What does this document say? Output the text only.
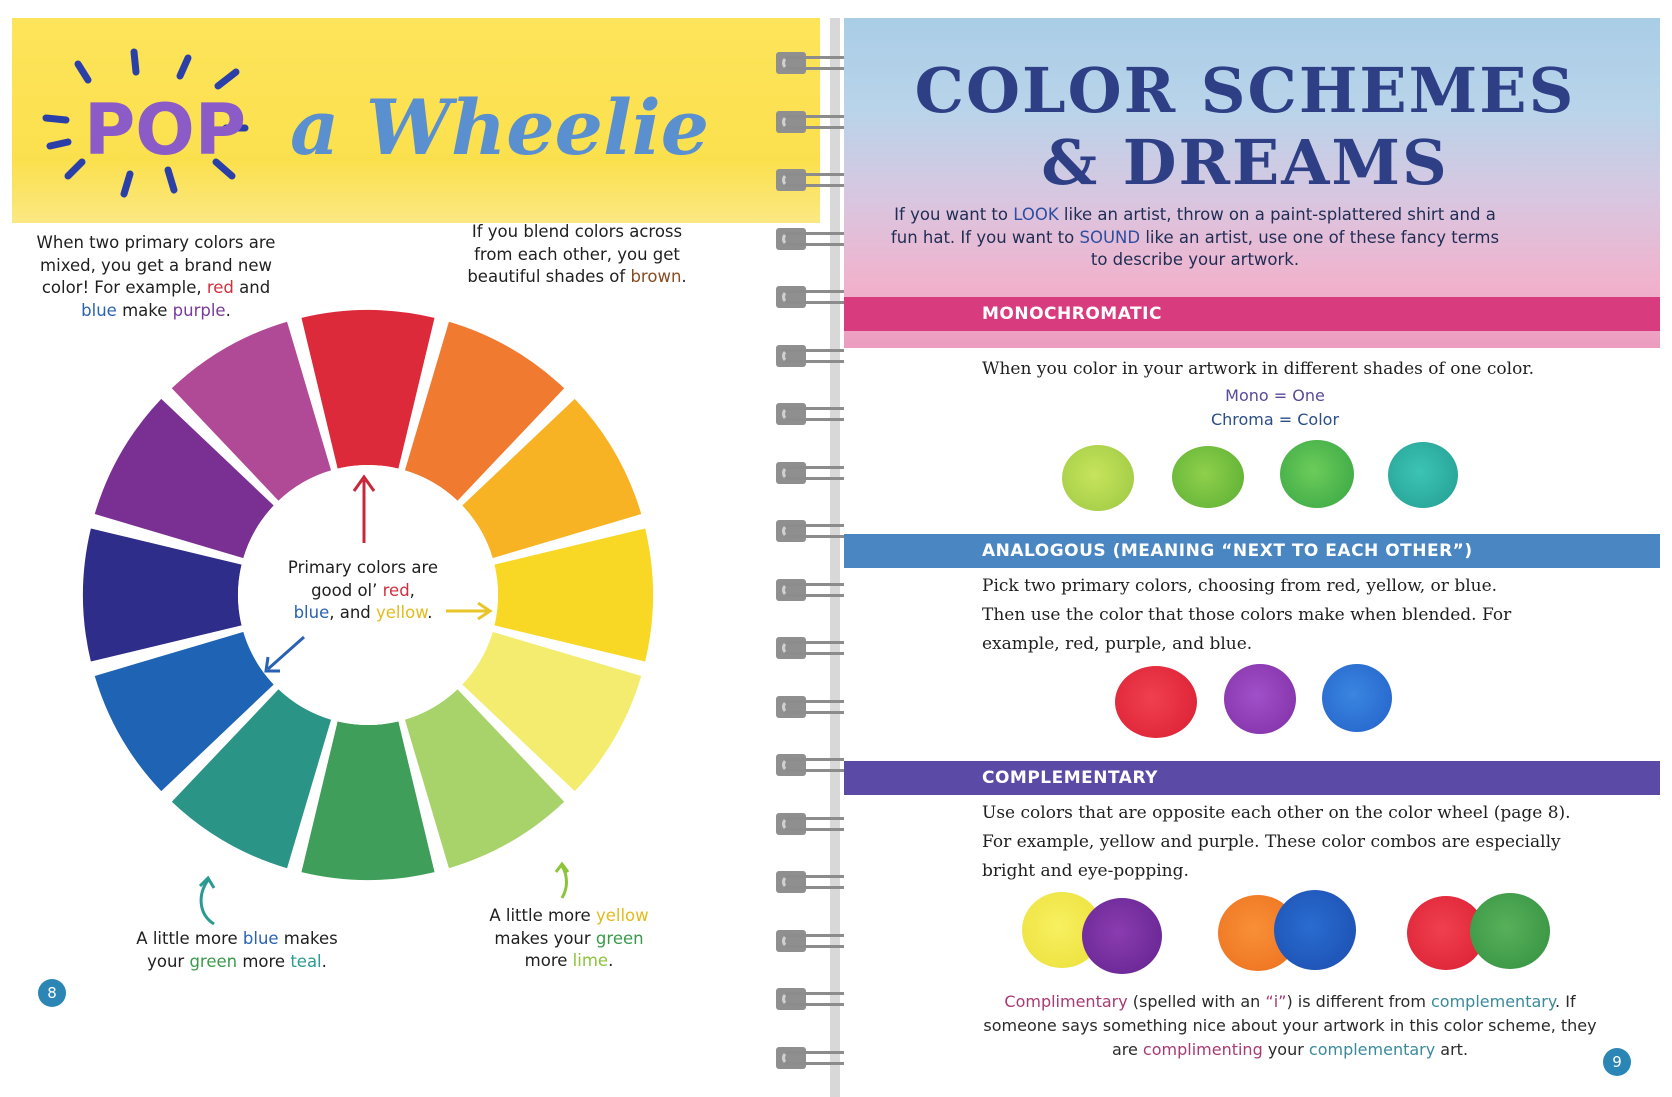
POP a Wheelie
When two primary colors are mixed, you get a brand new color! For example, red and blue make purple.
If you blend colors across from each other, you get beautiful shades of brown.
Primary colors are good ol’ red,
blue, and yellow.
A little more blue makes your green more teal.
A little more yellow makes your green more lime.
8
COLOR SCHEMES
& DREAMS
If you want to LOOK like an artist, throw on a paint-splattered shirt and a fun hat. If you want to SOUND like an artist, use one of these fancy terms to describe your artwork.
MONOCHROMATIC
When you color in your artwork in different shades of one color.
Mono = One
Chroma = Color
ANALOGOUS (MEANING “NEXT TO EACH OTHER”)
Pick two primary colors, choosing from red, yellow, or blue.
Then use the color that those colors make when blended. For
example, red, purple, and blue.
COMPLEMENTARY
Use colors that are opposite each other on the color wheel (page 8).
For example, yellow and purple. These color combos are especially
bright and eye-popping.
Complimentary (spelled with an “i”) is different from complementary. If someone says something nice about your artwork in this color scheme, they are complimenting your complementary art.
9
